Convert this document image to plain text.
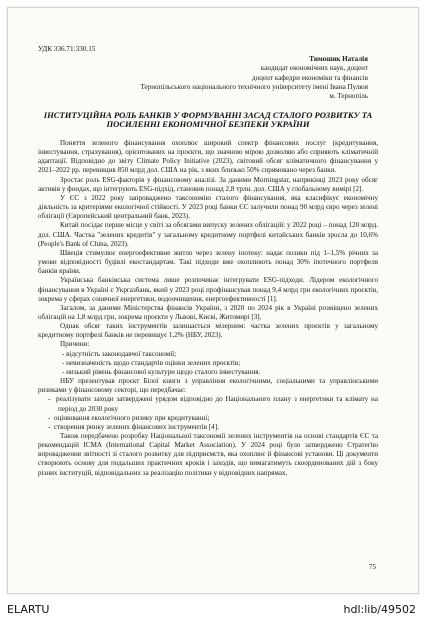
УДК 336.71:330.15
Тимошик Наталія
кандидат економічних наук, доцент
доцент кафедри економіки та фінансів
Тернопільського національного технічного університету імені Івана Пулюя
м. Тернопіль
ІНСТИТУЦІЙНА РОЛЬ БАНКІВ У ФОРМУВАННІ ЗАСАД СТАЛОГО РОЗВИТКУ ТА ПОСИЛЕННІ ЕКОНОМІЧНОЇ БЕЗПЕКИ УКРАЇНИ

Поняття зеленого фінансування охоплює широкий спектр фінансових послуг (кредитування, інвестування, страхування), орієнтованих на проєкти, що значною мірою дозволяю або сприяють кліматичній адаптації. Відповідно до звіту Climate Policy Initiative (2023), світовий обсяг кліматичного фінансування у 2021–2022 рр. перевищив 850 млрд дол. США на рік, з яких близько 50% спрямовано через банки.

Зростає роль ESG-факторів у фінансовому аналізі. За даними Morningstar, наприкінці 2023 року обсяг активів у фондах, що інтегрують ESG-підхід, становив понад 2,8 трлн. дол. США у глобальному вимірі [2].

У ЄС з 2022 року запроваджено таксономію сталого фінансування, яка класифікує економічну діяльність за критеріями екологічної стійкості. У 2023 році банки ЄС залучили понад 90 млрд євро через зелені облігації (Європейський центральний банк, 2023).

Китай посідає перше місце у світі за обсягами випуску зелених облігацій: у 2022 році – понад 120 млрд. дол. США. Частка "зелених кредитів" у загальному кредитному портфелі китайських банків зросла до 10,6% (People's Bank of China, 2023).

Швеція стимулює енергоефективне житло через зелену іпотеку: надає позики під 1–1,5% річних за умови відповідності будівлі екостандартам. Такі підходи вже охоплюють понад 30% іпотечного портфеля банків країни.

Українська банківська система лише розпочинає інтегрувати ESG-підходи. Лідером екологічного фінансування в Україні є Укргазбанк, який у 2023 році профінансував понад 9,4 млрд грн екологічних проєктів, зокрема у сферах сонячної енергетики, водоочищення, енергоефективності [1].

Загалом, за даними Міністерства фінансів України, з 2020 по 2024 рік в Україні розміщено зелених облігацій на 1,8 млрд грн, зокрема проєкти у Львові, Києві, Житомирі [3].

Однак обсяг таких інструментів залишається мізерним: частка зелених проєктів у загальному кредитному портфелі банків не перевищує 1,2% (НБУ, 2023).

Причини:

- відсутність законодавчої таксономії;
- невизначеність щодо стандартів оцінки зелених проєктів;
- низький рівень фінансової культури щодо сталого інвестування.

НБУ презентував проєкт Білої книги з управління екологічними, соціальними та управлінськими ризиками у фінансовому секторі, що передбачає:

-  реалізувати заходи затверджені урядом відповідно до Національного плану з енергетики та клімату на період до 2030 року
-  оцінювання екологічного ризику при кредитуванні;
-  створення ринку зелених фінансових інструментів [4].

Також передбачено розробку Національної таксономії зелених інструментів на основі стандартів ЄС та рекомендацій ICMA (International Capital Market Association). У 2024 році було затверджено Стратегію впровадження звітності зі сталого розвитку для підприємств, яка охоплює й фінансові установи. Ці документи створюють основу для подальших практичних кроків і заходів, що вимагатимуть скоординованих дій з боку різних інституцій, відповідальних за реалізацію політики у відповідних напрямах.

75
ELARTU	hdl:lib/49502
